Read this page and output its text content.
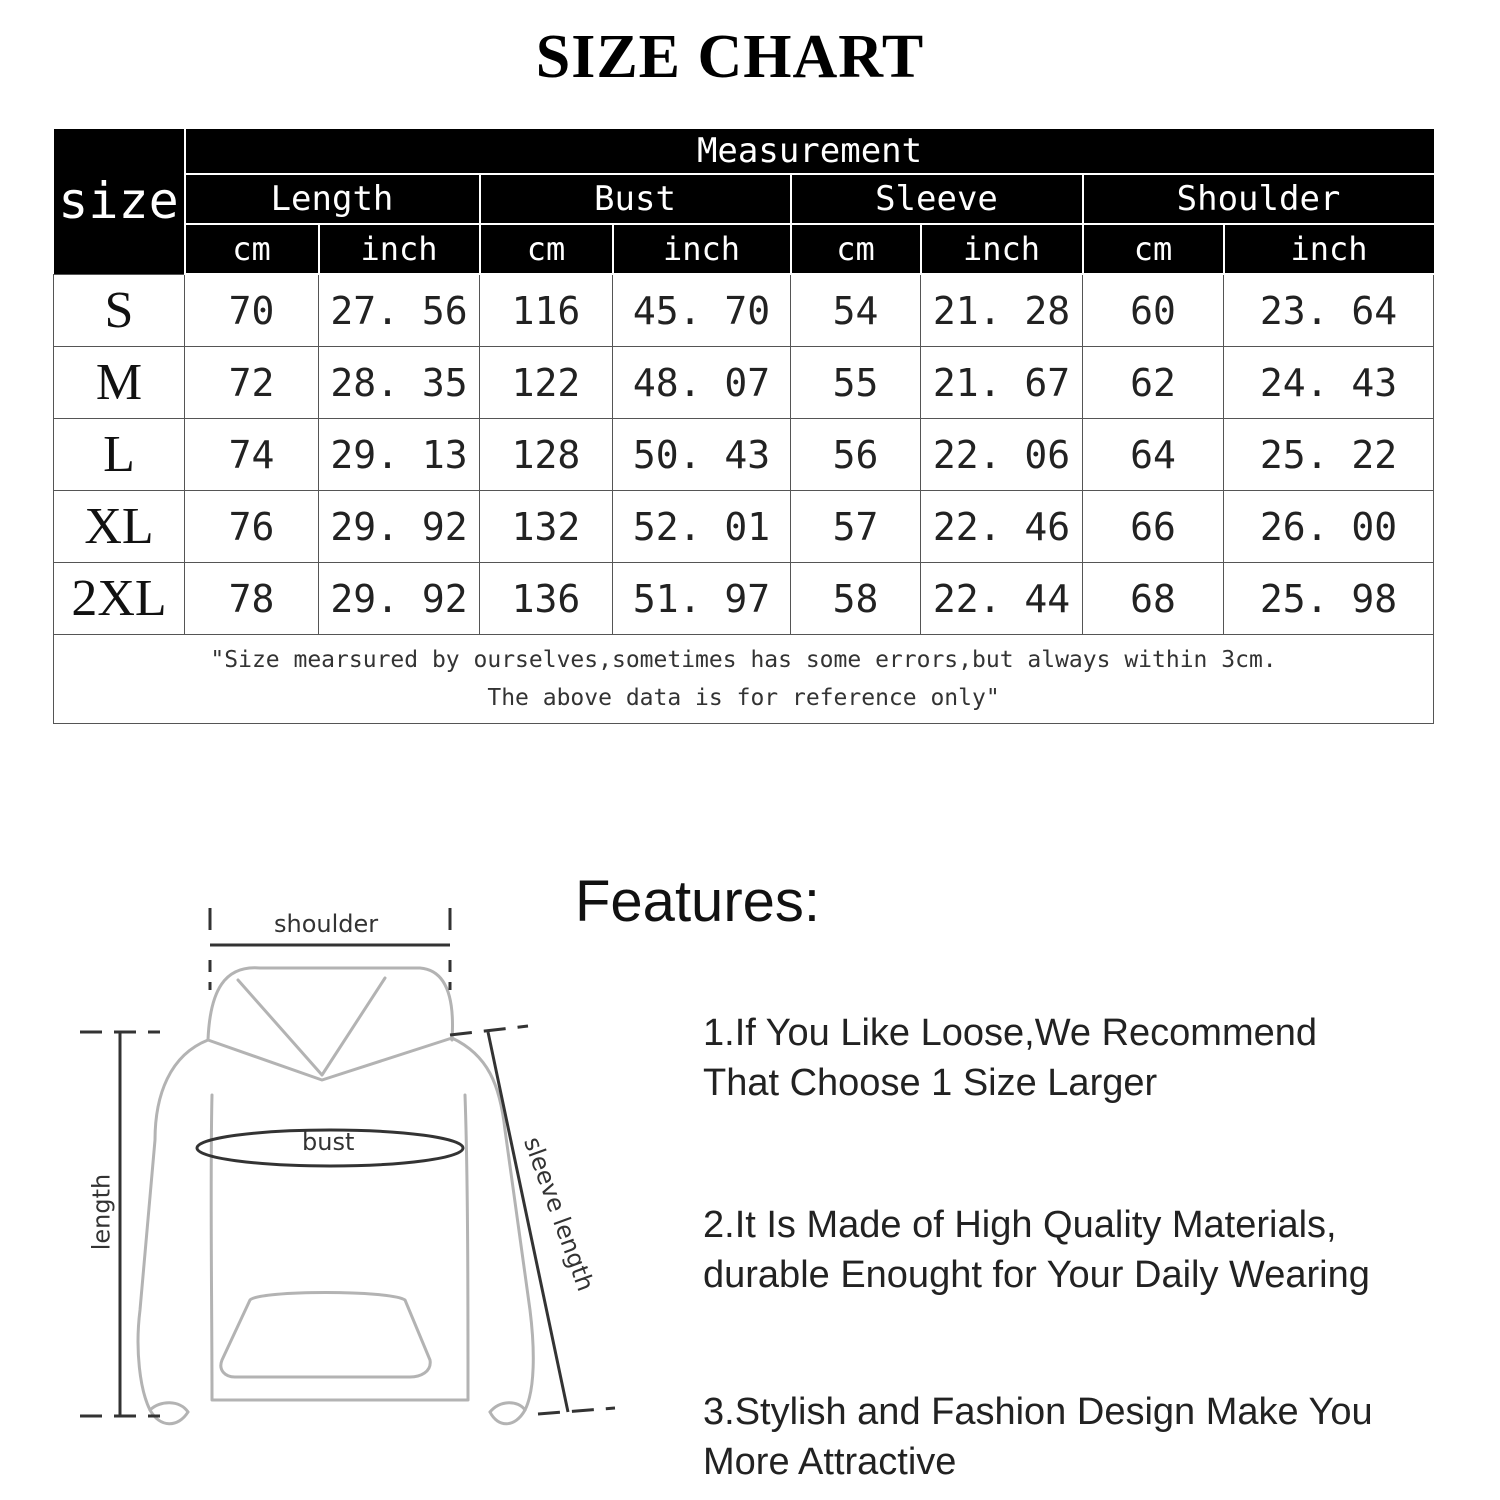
SIZE CHART
size	Measurement							
	Length		Bust		Sleeve		Shoulder	
	cm	inch	cm	inch	cm	inch	cm	inch
S	70	27. 56	116	45. 70	54	21. 28	60	23. 64
M	72	28. 35	122	48. 07	55	21. 67	62	24. 43
L	74	29. 13	128	50. 43	56	22. 06	64	25. 22
XL	76	29. 92	132	52. 01	57	22. 46	66	26. 00
2XL	78	29. 92	136	51. 97	58	22. 44	68	25. 98

"Size mearsured by ourselves,sometimes has some errors,but always within 3cm.
The above data is for reference only"								
shoulder
bust
length	sleeve length
Features:
1.If You Like Loose,We Recommend
That Choose 1 Size Larger
2.It Is Made of High Quality Materials,
durable Enought for Your Daily Wearing
3.Stylish and Fashion Design Make You
More Attractive
